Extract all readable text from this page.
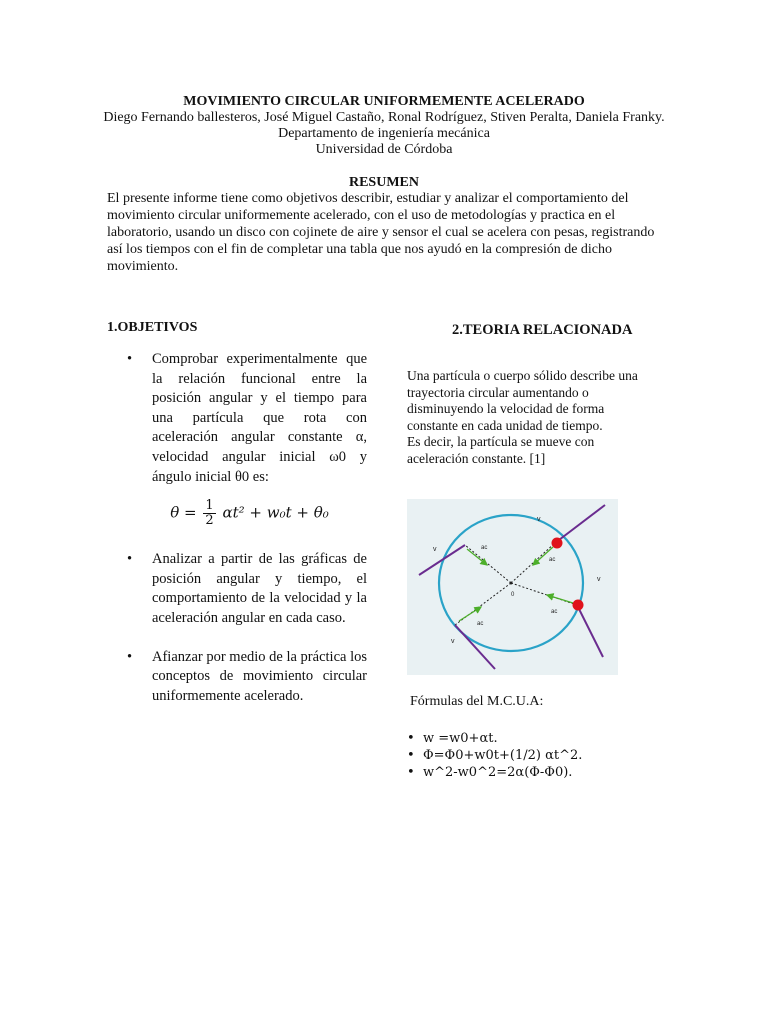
MOVIMIENTO CIRCULAR UNIFORMEMENTE ACELERADO
Diego Fernando ballesteros, José Miguel Castaño, Ronal Rodríguez, Stiven Peralta, Daniela Franky.
Departamento de ingeniería mecánica
Universidad de Córdoba
RESUMEN
El presente informe tiene como objetivos describir, estudiar y analizar el comportamiento del movimiento circular uniformemente acelerado, con el uso de metodologías y practica en el laboratorio, usando un disco con cojinete de aire y sensor el cual se acelera con pesas, registrando así los tiempos con el fin de completar una tabla que nos ayudó en la compresión de dicho movimiento.
1.OBJETIVOS	2.TEORIA RELACIONADA
• Comprobar experimentalmente que la relación funcional entre la posición angular y el tiempo para una partícula que rota con aceleración angular constante α, velocidad angular inicial ω0 y ángulo inicial θ0 es:
$\theta = \frac{1}{2} \alpha t^2 + w_0t + \theta_0$
• Analizar a partir de las gráficas de posición angular y tiempo, el comportamiento de la velocidad y la aceleración angular en cada caso.
• Afianzar por medio de la práctica los conceptos de movimiento circular uniformemente acelerado.
Una partícula o cuerpo sólido describe una trayectoria circular aumentando o disminuyendo la velocidad de forma constante en cada unidad de tiempo.
Es decir, la partícula se mueve con aceleración constante. [1]
0
v
v
v
v
ac
ac
ac
ac
Fórmulas del M.C.U.A:
• w =w0+αt.
• Φ=Φ0+w0t+(1/2) αt^2.
• w^2-w0^2=2α(Φ-Φ0).
